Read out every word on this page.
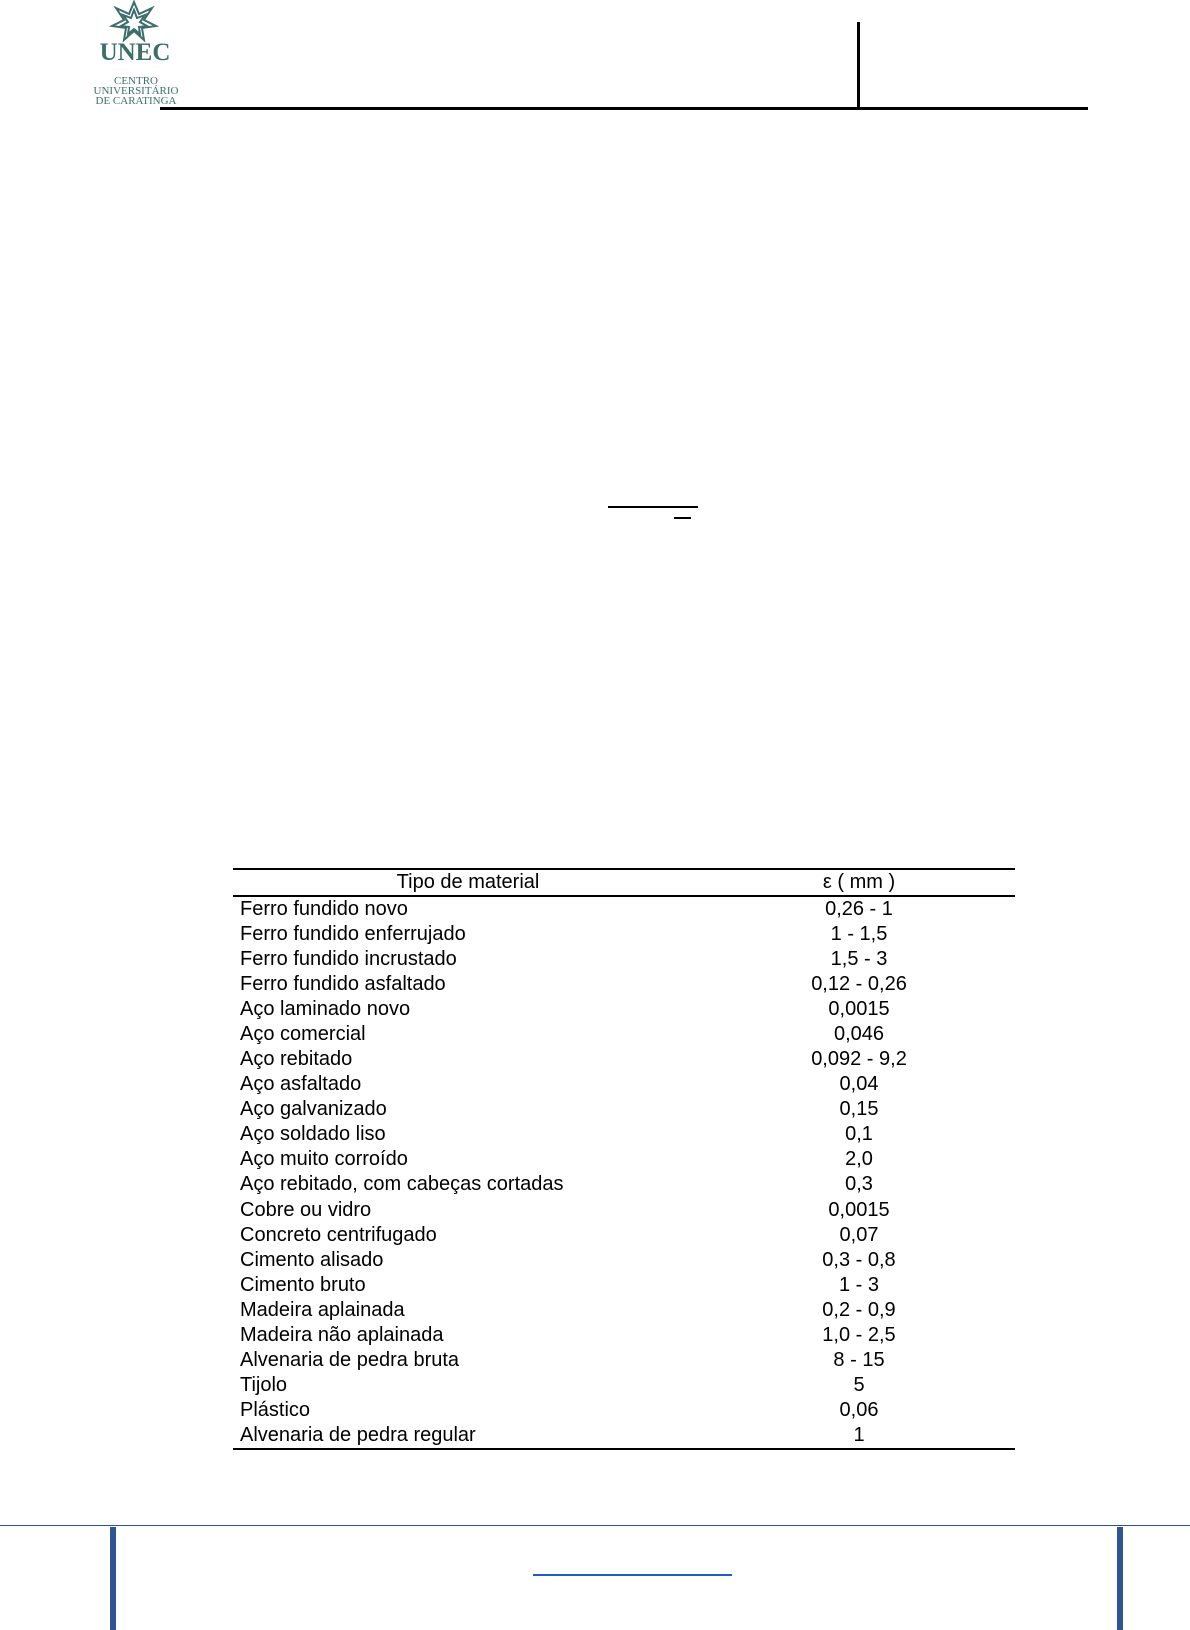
UNEC
CENTRO
UNIVERSITÁRIO
DE CARATINGA
Tipo de material	ε ( mm )
Ferro fundido novo	0,26 - 1
Ferro fundido enferrujado	1 - 1,5
Ferro fundido incrustado	1,5 - 3
Ferro fundido asfaltado	0,12 - 0,26
Aço laminado novo	0,0015
Aço comercial	0,046
Aço rebitado	0,092 - 9,2
Aço asfaltado	0,04
Aço galvanizado	0,15
Aço soldado liso	0,1
Aço muito corroído	2,0
Aço rebitado, com cabeças cortadas	0,3
Cobre ou vidro	0,0015
Concreto centrifugado	0,07
Cimento alisado	0,3 - 0,8
Cimento bruto	1 - 3
Madeira aplainada	0,2 - 0,9
Madeira não aplainada	1,0 - 2,5
Alvenaria de pedra bruta	8 - 15
Tijolo	5
Plástico	0,06
Alvenaria de pedra regular	1
